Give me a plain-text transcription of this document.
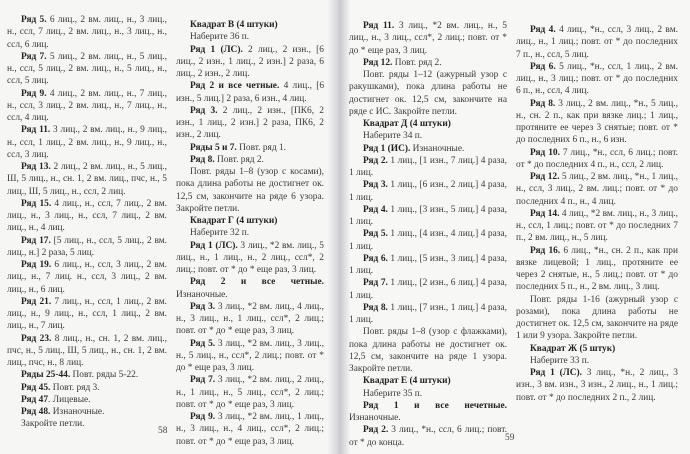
Ряд 5. 6 лиц., 2 вм. лиц., н., 3 лиц., н., ссл, 7 лиц., 2 вм. лиц., н., 3 лиц., н., ссл, 6 лиц.

Ряд 7. 5 лиц., 2 вм. лиц., н., 5 лиц., н., ссл, 5 лиц., 2 вм. лиц., н., 5 лиц., н., ссл, 5 лиц.

Ряд 9. 4 лиц., 2 вм. лиц., н., 7 лиц., н., ссл, 3 лиц., 2 вм. лиц., н., 7 лиц., н., ссл, 4 лиц.

Ряд 11. 3 лиц., 2 вм. лиц., н., 9 лиц., н., ссл, 1 лиц., 2 вм. лиц., н., 9 лиц., н., ссл, 3 лиц.

Ряд 13. 2 лиц., 2 вм. лиц., н., 5 лиц., Ш, 5 лиц., н., сн. 1, 2 вм. лиц., пчс, н., 5 лиц., Ш, 5 лиц., н., ссл, 2 лиц.

Ряд 15. 4 лиц., н., ссл, 7 лиц., 2 вм. лиц., н., 3 лиц., н., ссл, 7 лиц., 2 вм. лиц., н., 4 лиц.

Ряд 17. [5 лиц., н., ссл, 5 лиц., 2 вм. лиц., н.] 2 раза, 5 лиц.

Ряд 19. 6 лиц., н., ссл, 3 лиц., 2 вм. лиц., н., 7 лиц. н., ссл, 3 лиц., 2 вм. лиц., н., 6 лиц.

Ряд 21. 7 лиц., н., ссл, 1 лиц., 2 вм. лиц., н., 9 лиц., н., ссл, 1 лиц., 2 вм. лиц., н., 7 лиц.

Ряд 23. 8 лиц., н., сн. 1, 2 вм. лиц., пчс, н., 5 лиц., Ш, 5 лиц., н., сн. 1, 2 вм. лиц., пчс, н., 8 лиц.

Ряды 25-44. Повт. ряды 5-22.

Ряд 45. Повт. ряд 3.

Ряд 47. Лицевые.

Ряд 48. Изнаночные.

Закройте петли.

Квадрат В (4 штуки)

Наберите 36 п.

Ряд 1 (ЛС). 2 лиц., 2 изн., [6 лиц., 2 изн., 1 лиц., 2 изн.] 2 раза, 6 лиц., 2 изн., 2 лиц.

Ряд 2 и все четные. 4 лиц., [6 изн., 5 лиц.] 2 раза, 6 изн., 4 лиц.

Ряд 3. 2 лиц., 2 изн., [ПК6, 2 изн., 1 лиц., 2 изн.] 2 раза, ПК6, 2 изн., 2 лиц.

Ряды 5 и 7. Повт. ряд 1.

Ряд 8. Повт. ряд 2.

Повт. ряды 1–8 (узор с косами), пока длина работы не достигнет ок. 12,5 см, закончите на ряде 6 узора. Закройте петли.

Квадрат Г (4 штуки)

Наберите 32 п.

Ряд 1 (ЛС). 3 лиц., *2 вм. лиц., 5 лиц., н., 1 лиц., н., 2 лиц., ссл*, 2 лиц.; повт. от * до * еще раз, 3 лиц.

Ряд 2 и все четные. Изнаночные.

Ряд 3. 3 лиц., *2 вм. лиц., 4 лиц., н., 3 лиц., н., 1 лиц., ссл*, 2 лиц.; повт. от * до * еще раз, 3 лиц.

Ряд 5. 3 лиц., *2 вм. лиц., 3 лиц., н., 5 лиц., н., ссл*, 2 лиц.; повт. от * до * еще раз, 3 лиц.

Ряд 7. 3 лиц., *2 вм. лиц., 2 лиц., н., 1 лиц., н., 5 лиц., ссл*, 2 лиц.; повт. от * до * еще раз, 3 лиц.

Ряд 9. 3 лиц., *2 вм. лиц., 1 лиц., н., 3 лиц., н., 4 лиц., ссл*, 2 лиц.; повт. от * до * еще раз, 3 лиц.

58

Ряд 11. 3 лиц., *2 вм. лиц., н., 5 лиц., н., 3 лиц., ссл*, 2 лиц.; повт. от * до * еще раз, 3 лиц.

Ряд 12. Повт. ряд 2.

Повт. ряды 1–12 (ажурный узор с ракушками), пока длина работы не достигнет ок. 12,5 см, закончите на ряде с ИС. Закройте петли.

Квадрат Д (4 штуки)

Наберите 34 п.

Ряд 1 (ИС). Изнаночные.

Ряд 2. 1 лиц., [1 изн., 7 лиц.] 4 раза, 1 лиц.

Ряд 3. 1 лиц., [6 изн., 2 лиц.] 4 раза, 1 лиц.

Ряд 4. 1 лиц., [3 изн., 5 лиц.] 4 раза, 1 лиц.

Ряд 5. 1 лиц., [4 изн., 4 лиц.] 4 раза, 1 лиц.

Ряд 6. 1 лиц., [5 изн., 3 лиц.] 4 раза, 1 лиц.

Ряд 7. 1 лиц., [2 изн., 6 лиц.] 4 раза, 1 лиц.

Ряд 8. 1 лиц., [7 изн., 1 лиц.] 4 раза, 1 лиц.

Повт. ряды 1–8 (узор с флажками), пока длина работы не достигнет ок. 12,5 см, закончите на ряде 1 узора. Закройте петли.

Квадрат Е (4 штуки)

Наберите 35 п.

Ряд 1 и все нечетные. Изнаночные.

Ряд 2. 3 лиц., *н., ссл, 6 лиц.; повт. от * до конца.

Ряд 4. 4 лиц., *н., ссл, 3 лиц., 2 вм. лиц., н., 1 лиц.; повт. от * до последних 7 п., н., ссл, 5 лиц.

Ряд 6. 5 лиц., *н., ссл, 1 лиц., 2 вм. лиц., н., 3 лиц.; повт. от * до последних 6 п., н., ссл, 4 лиц.

Ряд 8. 3 лиц., 2 вм. лиц., *н., 5 лиц., н., сн. 2 п., как при вязке лиц.; 1 лиц., протяните ее через 3 снятые; повт. от * до последних 6 п., н., 6 изн.

Ряд 10. 7 лиц., *н., ссл, 6 лиц.; повт. от * до последних 4 п., н., ссл, 2 лиц.

Ряд 12. 5 лиц., 2 вм. лиц., *н., 1 лиц., н., ссл, 3 лиц., 2 вм. лиц.; повт. от * до последних 4 п., н., 4 лиц.

Ряд 14. 4 лиц., *2 вм. лиц., н., 3 лиц., н., ссл, 1 лиц.; повт. от * до последних 7 п., 2 вм. лиц., н., 5 лиц.

Ряд 16. 6 лиц., *н., сн. 2 п., как при вязке лицевой; 1 лиц., протяните ее через 2 снятые, н., 5 лиц.; повт. от * до последних 5 п., н., 2 вм. лиц., 3 лиц.

Повт. ряды 1-16 (ажурный узор с розами), пока длина работы не достигнет ок. 12,5 см, закончите на ряде 1 или 9 узора. Закройте петли.

Квадрат Ж (5 штук)

Наберите 33 п.

Ряд 1 (ЛС). 3 лиц., *н., 2 лиц., 3 изн., 3 вм. изн., 3 изн., 2 лиц., н., 1 лиц.; повт. от * до последних 2 п., 2 лиц.

59
